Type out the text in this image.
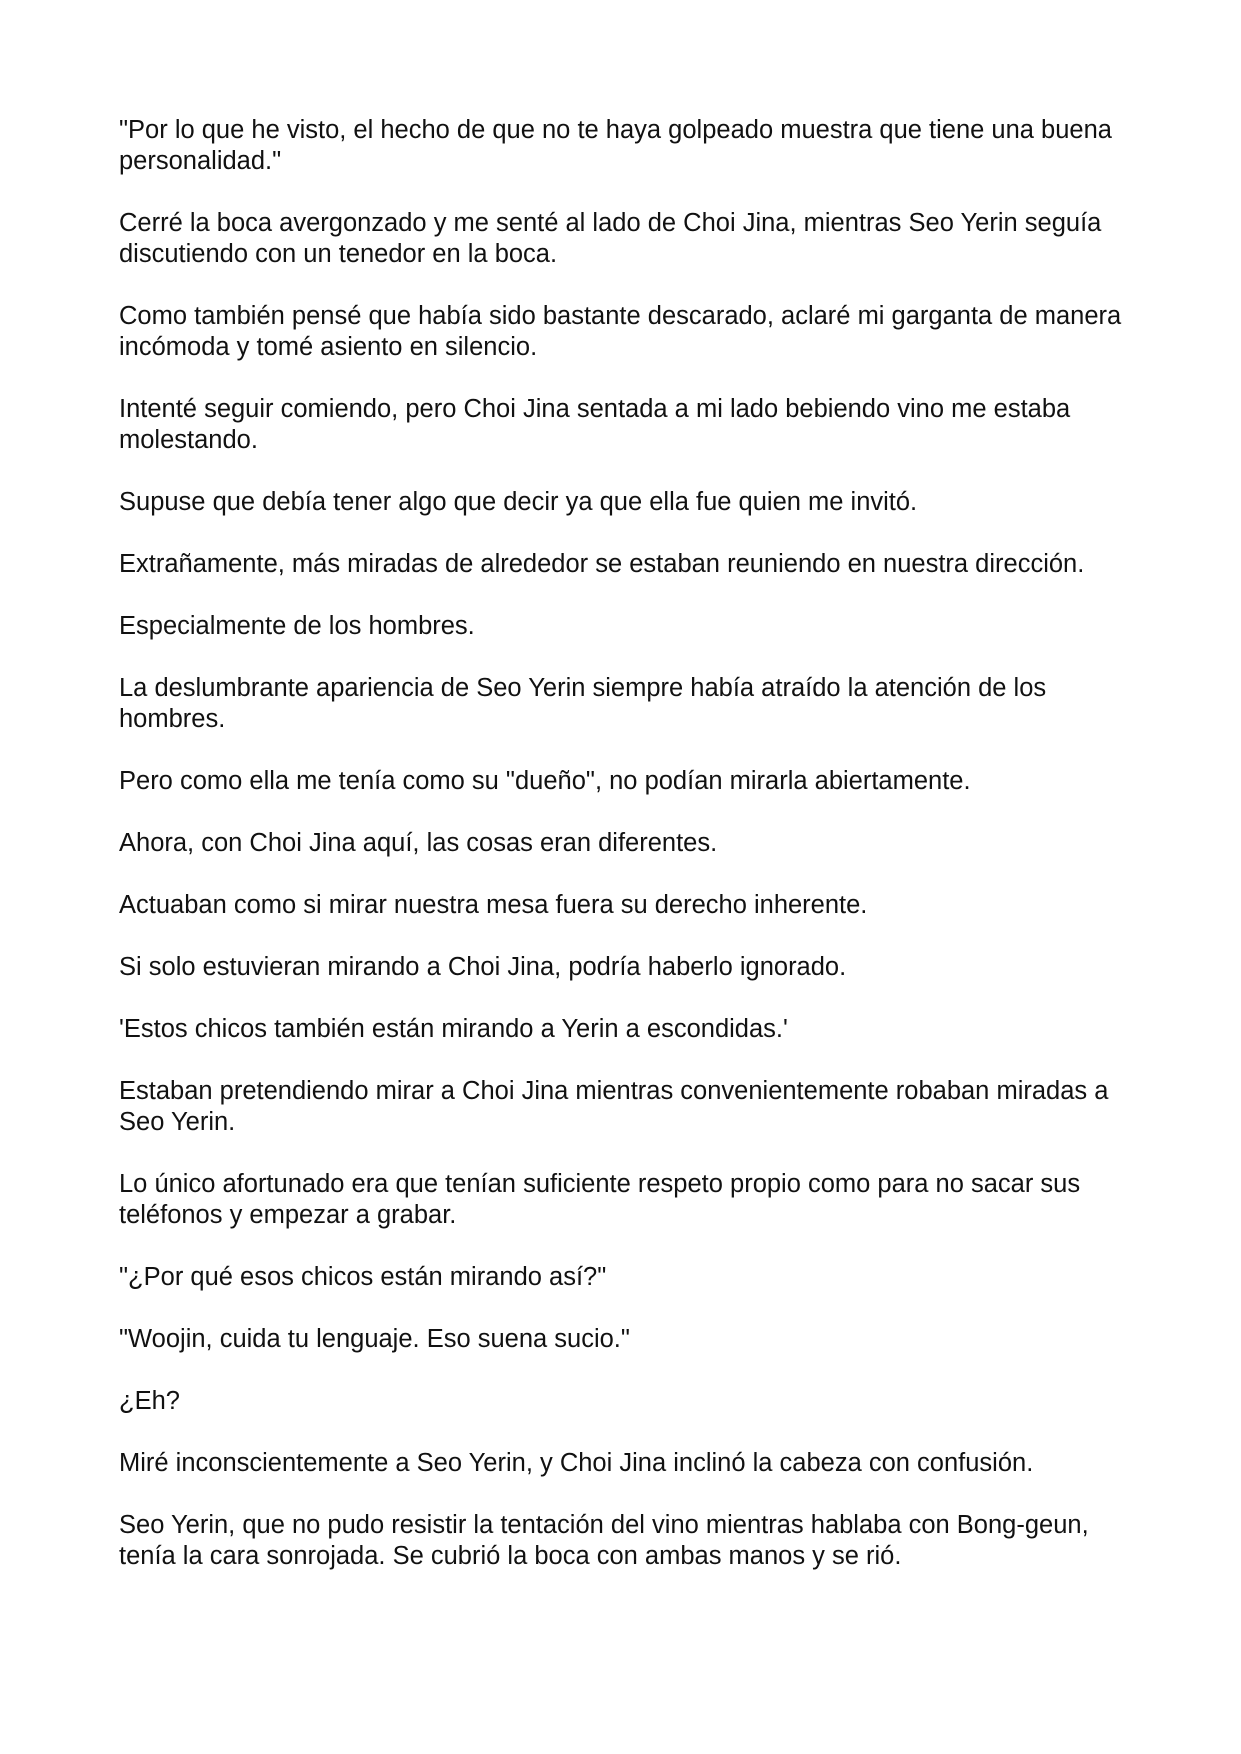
"Por lo que he visto, el hecho de que no te haya golpeado muestra que tiene una buena personalidad."

Cerré la boca avergonzado y me senté al lado de Choi Jina, mientras Seo Yerin seguía discutiendo con un tenedor en la boca.

Como también pensé que había sido bastante descarado, aclaré mi garganta de manera incómoda y tomé asiento en silencio.

Intenté seguir comiendo, pero Choi Jina sentada a mi lado bebiendo vino me estaba molestando.

Supuse que debía tener algo que decir ya que ella fue quien me invitó.

Extrañamente, más miradas de alrededor se estaban reuniendo en nuestra dirección.

Especialmente de los hombres.

La deslumbrante apariencia de Seo Yerin siempre había atraído la atención de los hombres.

Pero como ella me tenía como su "dueño", no podían mirarla abiertamente.

Ahora, con Choi Jina aquí, las cosas eran diferentes.

Actuaban como si mirar nuestra mesa fuera su derecho inherente.

Si solo estuvieran mirando a Choi Jina, podría haberlo ignorado.

'Estos chicos también están mirando a Yerin a escondidas.'

Estaban pretendiendo mirar a Choi Jina mientras convenientemente robaban miradas a Seo Yerin.

Lo único afortunado era que tenían suficiente respeto propio como para no sacar sus teléfonos y empezar a grabar.

"¿Por qué esos chicos están mirando así?"

"Woojin, cuida tu lenguaje. Eso suena sucio."

¿Eh?

Miré inconscientemente a Seo Yerin, y Choi Jina inclinó la cabeza con confusión.

Seo Yerin, que no pudo resistir la tentación del vino mientras hablaba con Bong-geun, tenía la cara sonrojada. Se cubrió la boca con ambas manos y se rió.
